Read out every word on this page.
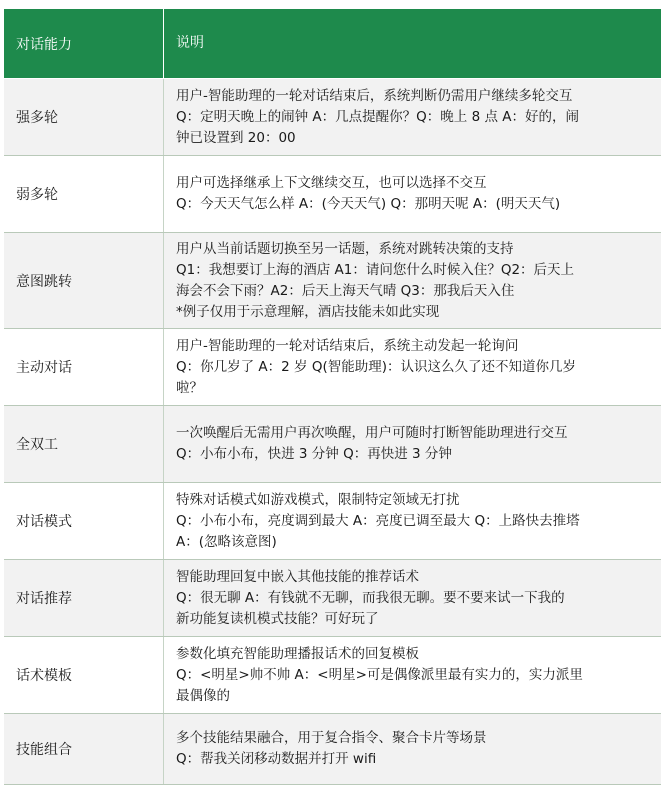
对话能力	说明
强多轮
用户-智能助理的一轮对话结束后，系统判断仍需用户继续多轮交互
Q：定明天晚上的闹钟 A：几点提醒你？Q：晚上 8 点 A：好的，闹
钟已设置到 20：00
弱多轮
用户可选择继承上下文继续交互，也可以选择不交互
Q：今天天气怎么样 A：(今天天气) Q：那明天呢 A：(明天天气)
意图跳转
用户从当前话题切换至另一话题，系统对跳转决策的支持
Q1：我想要订上海的酒店 A1：请问您什么时候入住？Q2：后天上
海会不会下雨？A2：后天上海天气晴 Q3：那我后天入住
*例子仅用于示意理解，酒店技能未如此实现
主动对话
用户-智能助理的一轮对话结束后，系统主动发起一轮询问
Q：你几岁了 A：2 岁 Q(智能助理)：认识这么久了还不知道你几岁
啦？
全双工
一次唤醒后无需用户再次唤醒，用户可随时打断智能助理进行交互
Q：小布小布，快进 3 分钟 Q：再快进 3 分钟
对话模式
特殊对话模式如游戏模式，限制特定领域无打扰
Q：小布小布，亮度调到最大 A：亮度已调至最大 Q：上路快去推塔
A：(忽略该意图)
对话推荐
智能助理回复中嵌入其他技能的推荐话术
Q：很无聊 A：有钱就不无聊，而我很无聊。要不要来试一下我的
新功能复读机模式技能？可好玩了
话术模板
参数化填充智能助理播报话术的回复模板
Q：<明星>帅不帅 A：<明星>可是偶像派里最有实力的，实力派里
最偶像的
技能组合
多个技能结果融合，用于复合指令、聚合卡片等场景
Q：帮我关闭移动数据并打开 wifi
